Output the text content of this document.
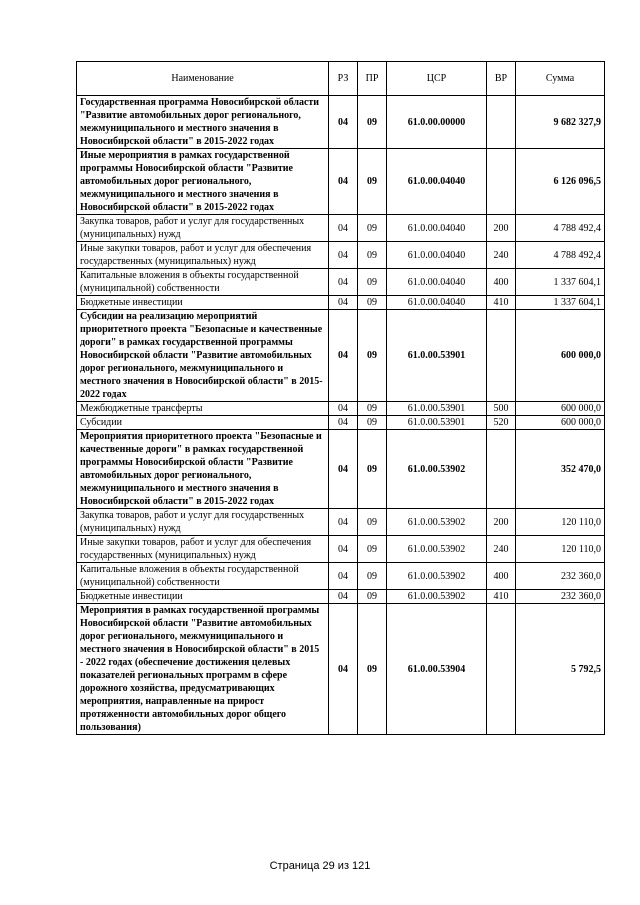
Наименование	РЗ	ПР	ЦСР	ВР	Сумма
Государственная программа Новосибирской области "Развитие автомобильных дорог регионального, межмуниципального и местного значения в Новосибирской области" в 2015-2022 годах	04	09	61.0.00.00000		9 682 327,9
Иные мероприятия в рамках государственной программы Новосибирской области "Развитие автомобильных дорог регионального, межмуниципального и местного значения в Новосибирской области" в 2015-2022 годах	04	09	61.0.00.04040		6 126 096,5
Закупка товаров, работ и услуг для государственных (муниципальных) нужд	04	09	61.0.00.04040	200	4 788 492,4
Иные закупки товаров, работ и услуг для обеспечения государственных (муниципальных) нужд	04	09	61.0.00.04040	240	4 788 492,4
Капитальные вложения в объекты государственной (муниципальной) собственности	04	09	61.0.00.04040	400	1 337 604,1
Бюджетные инвестиции	04	09	61.0.00.04040	410	1 337 604,1
Субсидии на реализацию мероприятий приоритетного проекта "Безопасные и качественные дороги" в рамках государственной программы Новосибирской области "Развитие автомобильных дорог регионального, межмуниципального и местного значения в Новосибирской области" в 2015-2022 годах	04	09	61.0.00.53901		600 000,0
Межбюджетные трансферты	04	09	61.0.00.53901	500	600 000,0
Субсидии	04	09	61.0.00.53901	520	600 000,0
Мероприятия приоритетного проекта "Безопасные и качественные дороги" в рамках государственной программы Новосибирской области "Развитие автомобильных дорог регионального, межмуниципального и местного значения в Новосибирской области" в 2015-2022 годах	04	09	61.0.00.53902		352 470,0
Закупка товаров, работ и услуг для государственных (муниципальных) нужд	04	09	61.0.00.53902	200	120 110,0
Иные закупки товаров, работ и услуг для обеспечения государственных (муниципальных) нужд	04	09	61.0.00.53902	240	120 110,0
Капитальные вложения в объекты государственной (муниципальной) собственности	04	09	61.0.00.53902	400	232 360,0
Бюджетные инвестиции	04	09	61.0.00.53902	410	232 360,0
Мероприятия в рамках государственной программы Новосибирской области "Развитие автомобильных дорог регионального, межмуниципального и местного значения в Новосибирской области" в 2015 - 2022 годах (обеспечение достижения целевых показателей региональных программ в сфере дорожного хозяйства, предусматривающих мероприятия, направленные на прирост протяженности автомобильных дорог общего пользования)	04	09	61.0.00.53904		5 792,5
Страница 29 из 121
